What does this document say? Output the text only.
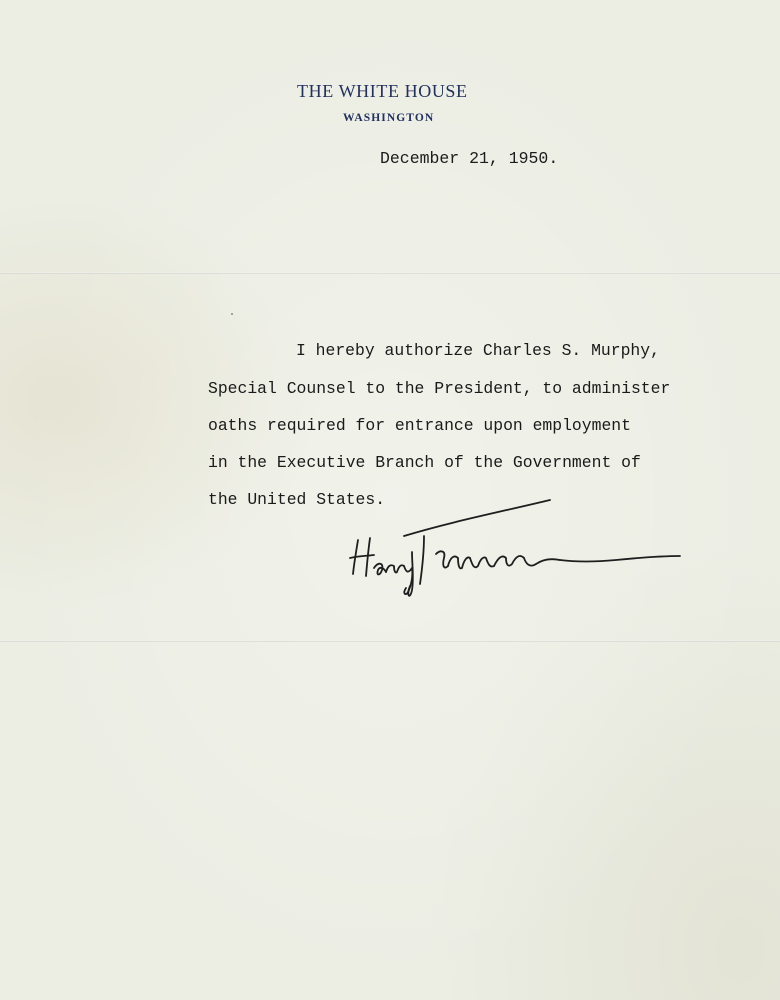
THE WHITE HOUSE
WASHINGTON
December 21, 1950.
I hereby authorize Charles S. Murphy,
Special Counsel to the President, to administer
oaths required for entrance upon employment
in the Executive Branch of the Government of
the United States.
